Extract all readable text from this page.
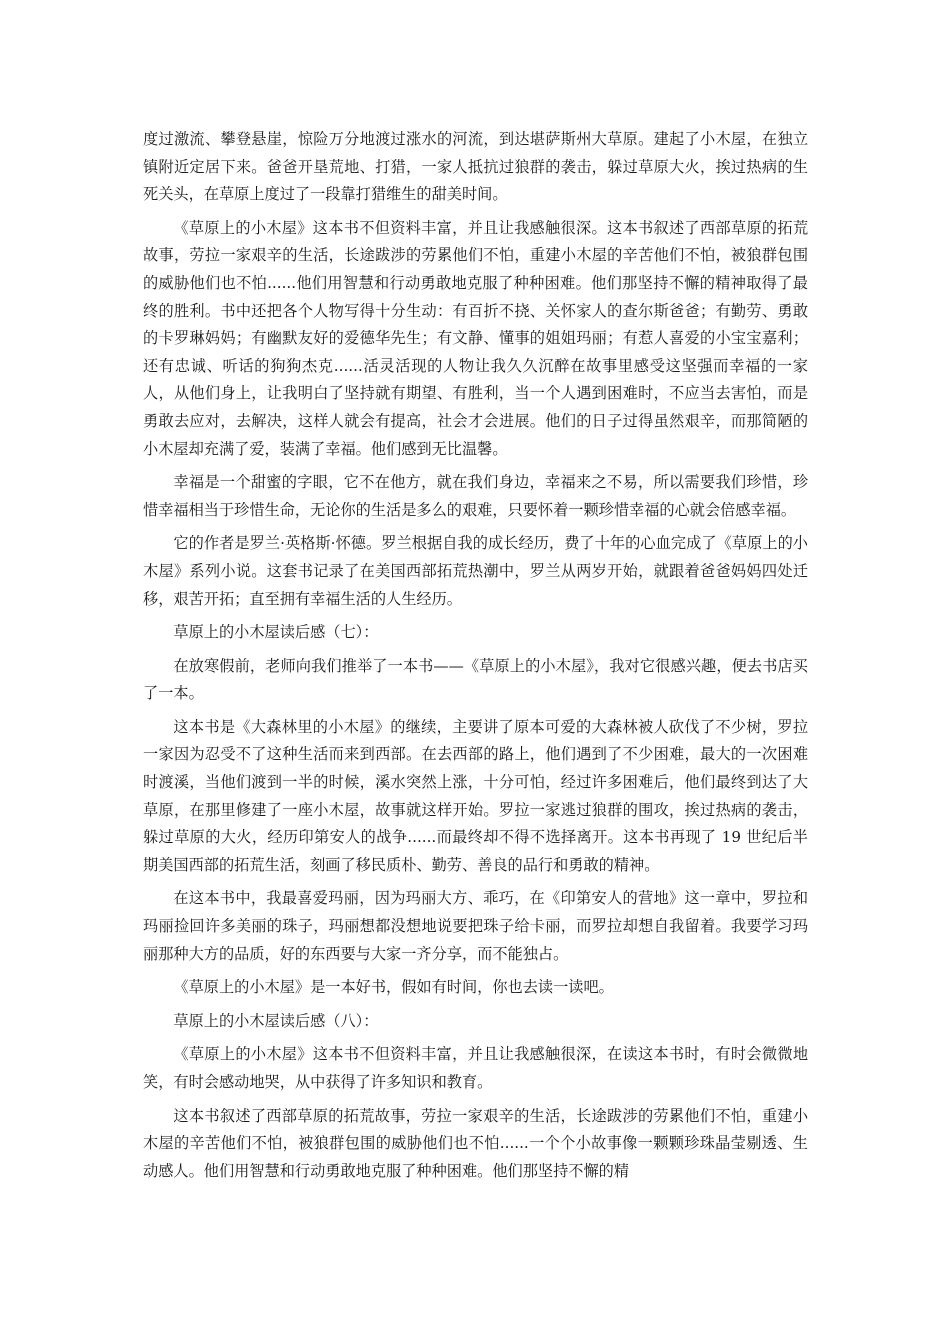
度过激流、攀登悬崖，惊险万分地渡过涨水的河流，到达堪萨斯州大草原。建起了小木屋，在独立镇附近定居下来。爸爸开垦荒地、打猎，一家人抵抗过狼群的袭击，躲过草原大火，挨过热病的生死关头，在草原上度过了一段靠打猎维生的甜美时间。

《草原上的小木屋》这本书不但资料丰富，并且让我感触很深。这本书叙述了西部草原的拓荒故事，劳拉一家艰辛的生活，长途跋涉的劳累他们不怕，重建小木屋的辛苦他们不怕，被狼群包围的威胁他们也不怕......他们用智慧和行动勇敢地克服了种种困难。他们那坚持不懈的精神取得了最终的胜利。书中还把各个人物写得十分生动：有百折不挠、关怀家人的查尔斯爸爸；有勤劳、勇敢的卡罗琳妈妈；有幽默友好的爱德华先生；有文静、懂事的姐姐玛丽；有惹人喜爱的小宝宝嘉利；还有忠诚、听话的狗狗杰克......活灵活现的人物让我久久沉醉在故事里感受这坚强而幸福的一家人，从他们身上，让我明白了坚持就有期望、有胜利，当一个人遇到困难时，不应当去害怕，而是勇敢去应对，去解决，这样人就会有提高，社会才会进展。他们的日子过得虽然艰辛，而那简陋的小木屋却充满了爱，装满了幸福。他们感到无比温馨。

幸福是一个甜蜜的字眼，它不在他方，就在我们身边，幸福来之不易，所以需要我们珍惜，珍惜幸福相当于珍惜生命，无论你的生活是多么的艰难，只要怀着一颗珍惜幸福的心就会倍感幸福。

它的作者是罗兰·英格斯·怀德。罗兰根据自我的成长经历，费了十年的心血完成了《草原上的小木屋》系列小说。这套书记录了在美国西部拓荒热潮中，罗兰从两岁开始，就跟着爸爸妈妈四处迁移，艰苦开拓；直至拥有幸福生活的人生经历。

草原上的小木屋读后感（七）：

在放寒假前，老师向我们推举了一本书——《草原上的小木屋》，我对它很感兴趣，便去书店买了一本。

这本书是《大森林里的小木屋》的继续，主要讲了原本可爱的大森林被人砍伐了不少树，罗拉一家因为忍受不了这种生活而来到西部。在去西部的路上，他们遇到了不少困难，最大的一次困难时渡溪，当他们渡到一半的时候，溪水突然上涨，十分可怕，经过许多困难后，他们最终到达了大草原，在那里修建了一座小木屋，故事就这样开始。罗拉一家逃过狼群的围攻，挨过热病的袭击，躲过草原的大火，经历印第安人的战争......而最终却不得不选择离开。这本书再现了 19 世纪后半期美国西部的拓荒生活，刻画了移民质朴、勤劳、善良的品行和勇敢的精神。

在这本书中，我最喜爱玛丽，因为玛丽大方、乖巧，在《印第安人的营地》这一章中，罗拉和玛丽捡回许多美丽的珠子，玛丽想都没想地说要把珠子给卡丽，而罗拉却想自我留着。我要学习玛丽那种大方的品质，好的东西要与大家一齐分享，而不能独占。

《草原上的小木屋》是一本好书，假如有时间，你也去读一读吧。

草原上的小木屋读后感（八）：

《草原上的小木屋》这本书不但资料丰富，并且让我感触很深，在读这本书时，有时会微微地笑，有时会感动地哭，从中获得了许多知识和教育。

这本书叙述了西部草原的拓荒故事，劳拉一家艰辛的生活，长途跋涉的劳累他们不怕，重建小木屋的辛苦他们不怕，被狼群包围的威胁他们也不怕......一个个小故事像一颗颗珍珠晶莹剔透、生动感人。他们用智慧和行动勇敢地克服了种种困难。他们那坚持不懈的精
